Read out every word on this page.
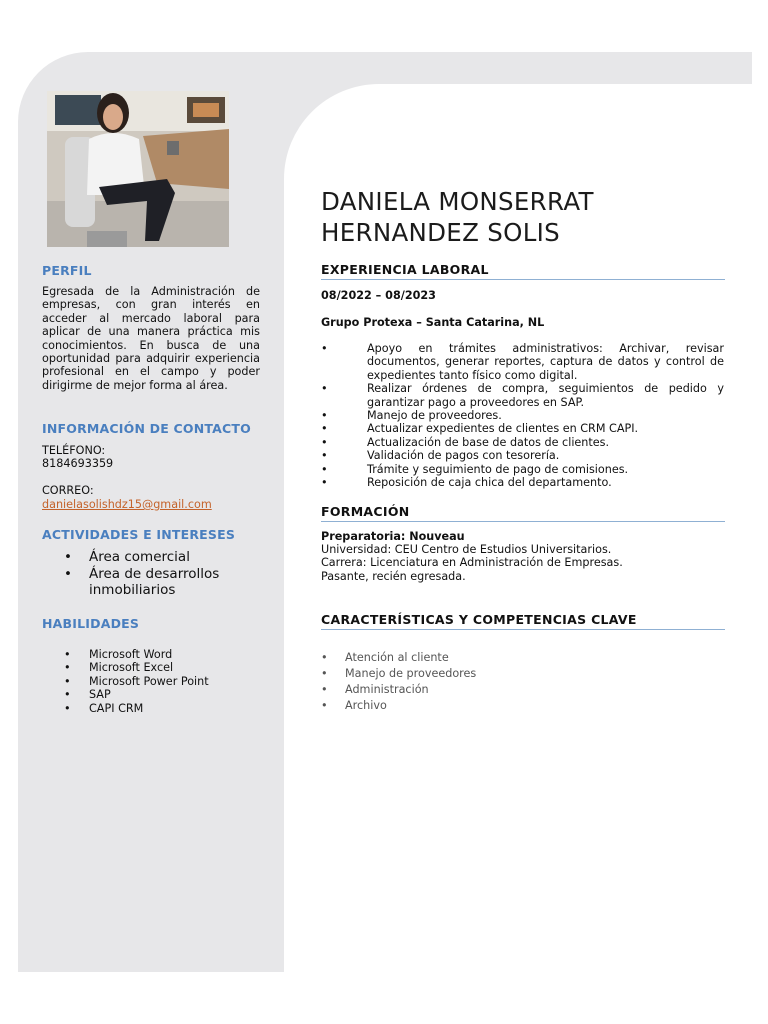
PERFIL
Egresada de la Administración de empresas, con gran interés en acceder al mercado laboral para aplicar de una manera práctica mis conocimientos. En busca de una oportunidad para adquirir experiencia profesional en el campo y poder dirigirme de mejor forma al área.
INFORMACIÓN DE CONTACTO
TELÉFONO:
8184693359
CORREO:
danielasolishdz15@gmail.com
ACTIVIDADES E INTERESES
• Área comercial
• Área de desarrollos inmobiliarios
HABILIDADES
• Microsoft Word
• Microsoft Excel
• Microsoft Power Point
• SAP
• CAPI CRM
DANIELA MONSERRAT
HERNANDEZ SOLIS
EXPERIENCIA LABORAL
08/2022 – 08/2023
Grupo Protexa – Santa Catarina, NL
• Apoyo en trámites administrativos: Archivar, revisar documentos, generar reportes, captura de datos y control de expedientes tanto físico como digital.
• Realizar órdenes de compra, seguimientos de pedido y garantizar pago a proveedores en SAP.
• Manejo de proveedores.
• Actualizar expedientes de clientes en CRM CAPI.
• Actualización de base de datos de clientes.
• Validación de pagos con tesorería.
• Trámite y seguimiento de pago de comisiones.
• Reposición de caja chica del departamento.
FORMACIÓN
Preparatoria: Nouveau
Universidad: CEU Centro de Estudios Universitarios.
Carrera: Licenciatura en Administración de Empresas.
Pasante, recién egresada.
CARACTERÍSTICAS Y COMPETENCIAS CLAVE
• Atención al cliente
• Manejo de proveedores
• Administración
• Archivo
